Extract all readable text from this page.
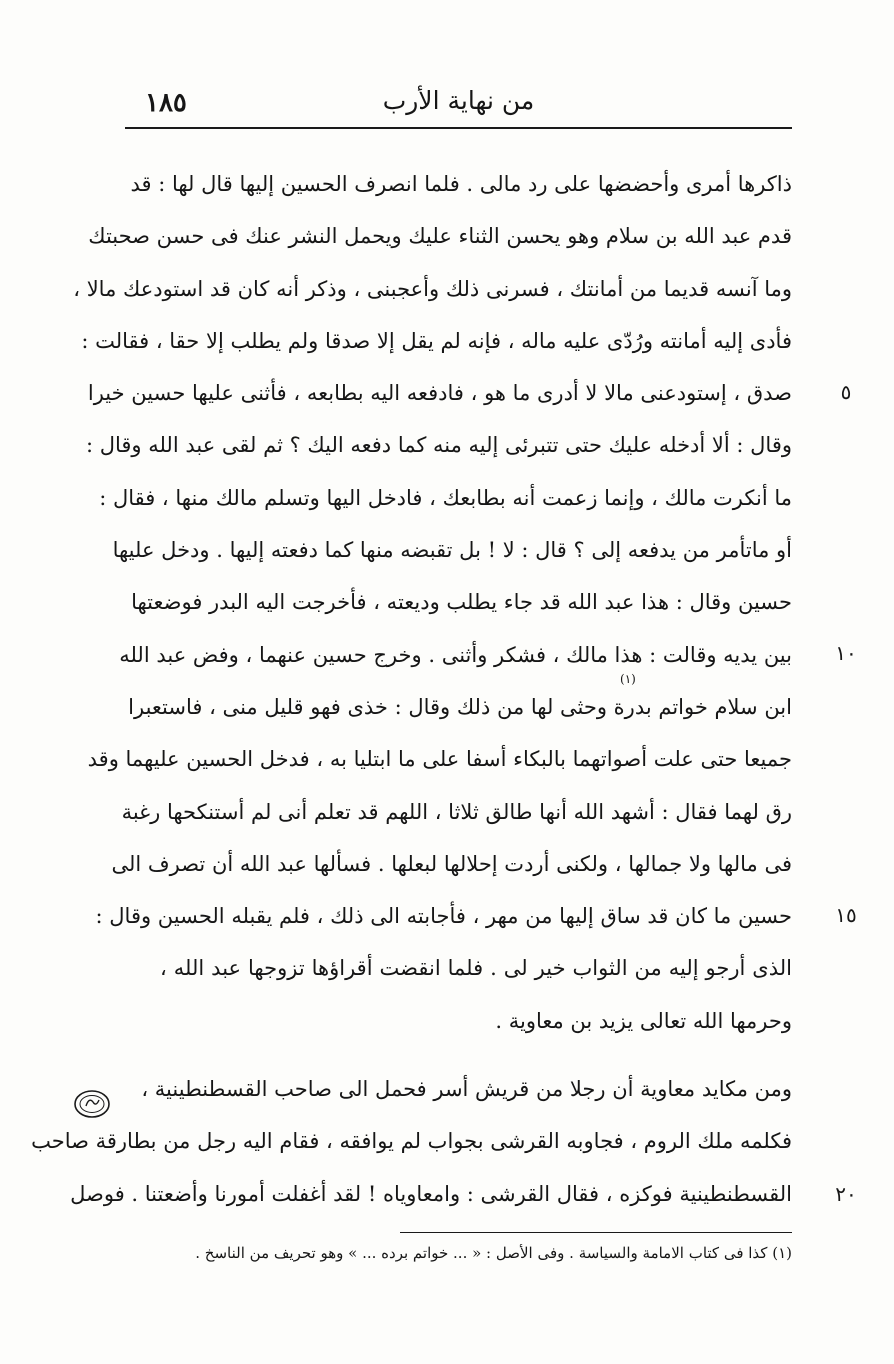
١٨٥	من نهاية الأرب
ذاكرها أمرى وأحضضها على رد مالى . فلما انصرف الحسين إليها قال لها : قد
قدم عبد الله بن سلام وهو يحسن الثناء عليك ويحمل النشر عنك فى حسن صحبتك
وما آنسه قديما من أمانتك ، فسرنى ذلك وأعجبنى ، وذكر أنه كان قد استودعك مالا ،
فأدى إليه أمانته ورُدّى عليه ماله ، فإنه لم يقل إلا صدقا ولم يطلب إلا حقا ، فقالت :
صدق ، إستودعنى مالا لا أدرى ما هو ، فادفعه اليه بطابعه ، فأثنى عليها حسين خيرا
وقال : ألا أدخله عليك حتى تتبرئى إليه منه كما دفعه اليك ؟ ثم لقى عبد الله وقال :
ما أنكرت مالك ، وإنما زعمت أنه بطابعك ، فادخل اليها وتسلم مالك منها ، فقال :
أو ماتأمر من يدفعه إلى ؟ قال : لا ! بل تقبضه منها كما دفعته إليها . ودخل عليها
حسين وقال : هذا عبد الله قد جاء يطلب وديعته ، فأخرجت اليه البدر فوضعتها
بين يديه وقالت : هذا مالك ، فشكر وأثنى . وخرج حسين عنهما ، وفض عبد الله
ابن سلام خواتم بدرة وحثى لها من ذلك وقال : خذى فهو قليل منى ، فاستعبرا
جميعا حتى علت أصواتهما بالبكاء أسفا على ما ابتليا به ، فدخل الحسين عليهما وقد
رق لهما فقال : أشهد الله أنها طالق ثلاثا ، اللهم قد تعلم أنى لم أستنكحها رغبة
فى مالها ولا جمالها ، ولكنى أردت إحلالها لبعلها . فسألها عبد الله أن تصرف الى
حسين ما كان قد ساق إليها من مهر ، فأجابته الى ذلك ، فلم يقبله الحسين وقال :
الذى أرجو إليه من الثواب خير لى . فلما انقضت أقراؤها تزوجها عبد الله ،
وحرمها الله تعالى يزيد بن معاوية .
ومن مكايد معاوية أن رجلا من قريش أسر فحمل الى صاحب القسطنطينية ،
فكلمه ملك الروم ، فجاوبه القرشى بجواب لم يوافقه ، فقام اليه رجل من بطارقة صاحب
القسطنطينية فوكزه ، فقال القرشى : وامعاوياه ! لقد أغفلت أمورنا وأضعتنا . فوصل
٥
١٠
١٥
٢٠
(١)
(١) كذا فى كتاب الامامة والسياسة . وفى الأصل : « ... خواتم برده ... » وهو تحريف من الناسخ .
